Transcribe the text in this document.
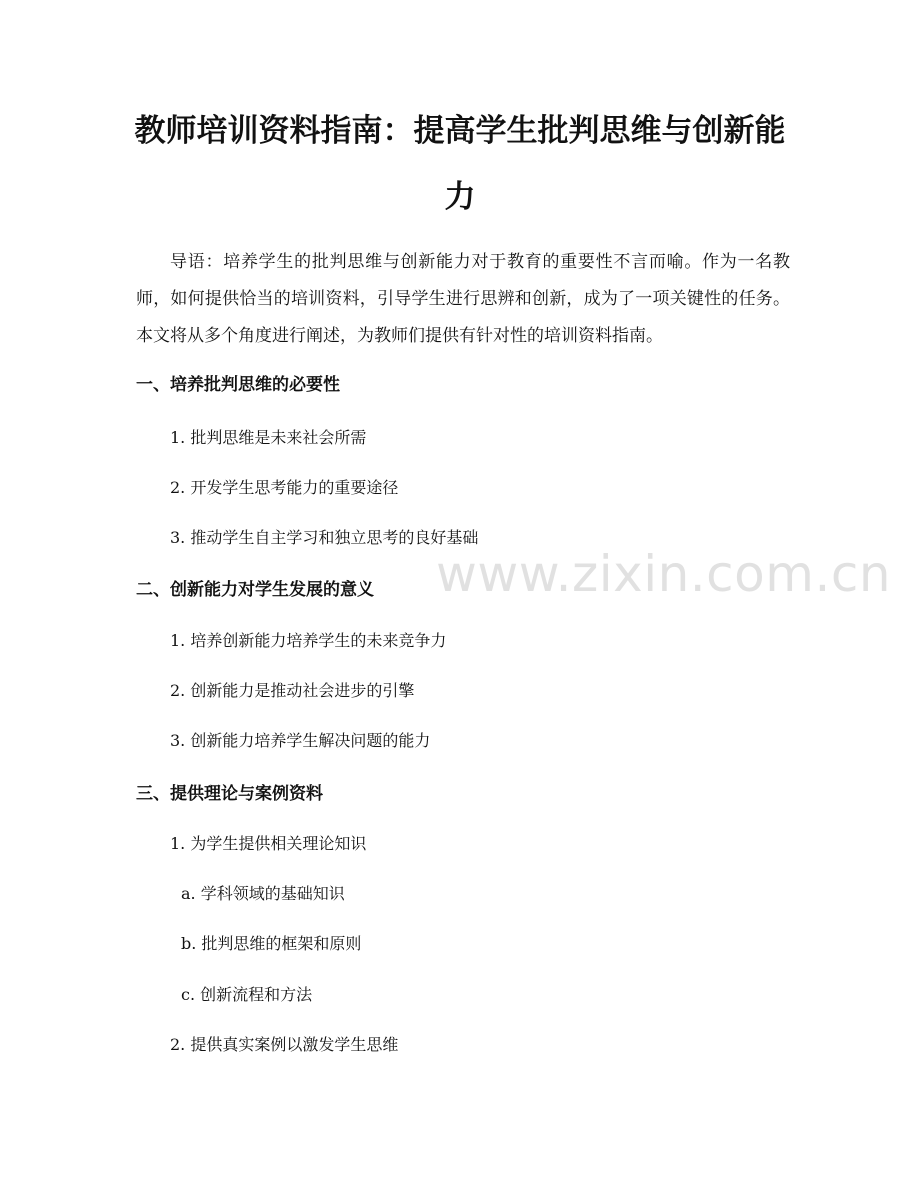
教师培训资料指南：提高学生批判思维与创新能力

导语：培养学生的批判思维与创新能力对于教育的重要性不言而喻。作为一名教师，如何提供恰当的培训资料，引导学生进行思辨和创新，成为了一项关键性的任务。本文将从多个角度进行阐述，为教师们提供有针对性的培训资料指南。

一、培养批判思维的必要性

1. 批判思维是未来社会所需

2. 开发学生思考能力的重要途径

3. 推动学生自主学习和独立思考的良好基础

二、创新能力对学生发展的意义

1. 培养创新能力培养学生的未来竞争力

2. 创新能力是推动社会进步的引擎

3. 创新能力培养学生解决问题的能力

三、提供理论与案例资料

1. 为学生提供相关理论知识

a. 学科领域的基础知识

b. 批判思维的框架和原则

c. 创新流程和方法

2. 提供真实案例以激发学生思维

www.zixin.com.cn
